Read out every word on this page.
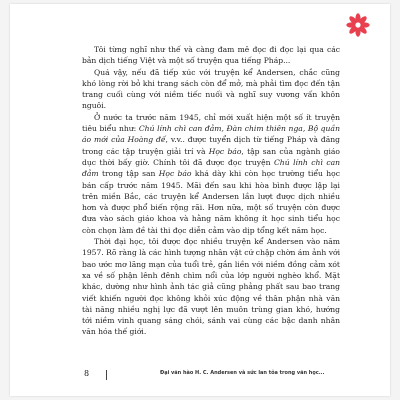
Tôi từng nghĩ như thế và càng đam mê đọc đi đọc lại qua các bản dịch tiếng Việt và một số truyện qua tiếng Pháp...

Quá vậy, nếu đã tiếp xúc với truyện kể Andersen, chắc cũng khó lòng rời bỏ khi trang sách còn để mở, mà phải tìm đọc đến tận trang cuối cùng với niềm tiếc nuối và nghĩ suy vương vấn khôn nguôi.

Ở nước ta trước năm 1945, chỉ mới xuất hiện một số ít truyện tiêu biểu như: Chú lính chì can đảm, Đàn chim thiên nga, Bộ quần áo mới của Hoàng đế, v.v.. được tuyển dịch từ tiếng Pháp và đăng trong các tập truyện giải trí và Học báo, tập san của ngành giáo dục thời bấy giờ. Chính tôi đã được đọc truyện Chú lính chì can đảm trong tập san Học báo khá dày khi còn học trường tiểu học bán cấp trước năm 1945. Mãi đến sau khi hòa bình được lập lại trên miền Bắc, các truyện kể Andersen lần lượt được dịch nhiều hơn và được phổ biến rộng rãi. Hơn nữa, một số truyện còn được đưa vào sách giáo khoa và hằng năm không ít học sinh tiểu học còn chọn làm đề tài thi đọc diễn cảm vào dịp tổng kết năm học.

Thời đại học, tôi được đọc nhiều truyện kể Andersen vào năm 1957. Rõ ràng là các hình tượng nhân vật cứ chập chờn ám ảnh với bao ước mơ lãng mạn của tuổi trẻ, gắn liền với niềm đồng cảm xót xa về số phận lênh đênh chìm nổi của lớp người nghèo khổ. Mặt khác, dường như hình ảnh tác giả cũng phảng phất sau bao trang viết khiến người đọc không khỏi xúc động về thân phận nhà văn tài năng nhiều nghị lực đã vượt lên muôn trùng gian khó, hướng tới niềm vinh quang sáng chói, sánh vai cùng các bậc danh nhân văn hóa thế giới.

8	Đại văn hào H. C. Andersen và sức lan tỏa trong văn học...
